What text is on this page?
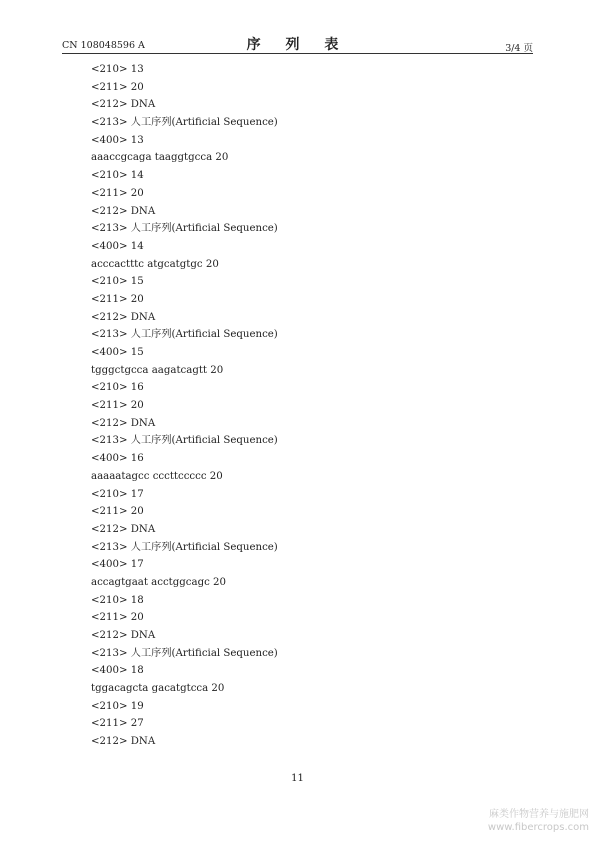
CN 108048596 A	序 列 表	3/4 页
<210> 13
<211> 20
<212> DNA
<213> 人工序列(Artificial Sequence)
<400> 13
aaaccgcaga taaggtgcca 20
<210> 14
<211> 20
<212> DNA
<213> 人工序列(Artificial Sequence)
<400> 14
acccactttc atgcatgtgc 20
<210> 15
<211> 20
<212> DNA
<213> 人工序列(Artificial Sequence)
<400> 15
tgggctgcca aagatcagtt 20
<210> 16
<211> 20
<212> DNA
<213> 人工序列(Artificial Sequence)
<400> 16
aaaaatagcc cccttccccc 20
<210> 17
<211> 20
<212> DNA
<213> 人工序列(Artificial Sequence)
<400> 17
accagtgaat acctggcagc 20
<210> 18
<211> 20
<212> DNA
<213> 人工序列(Artificial Sequence)
<400> 18
tggacagcta gacatgtcca 20
<210> 19
<211> 27
<212> DNA
11
麻类作物营养与施肥网
www.fibercrops.com
